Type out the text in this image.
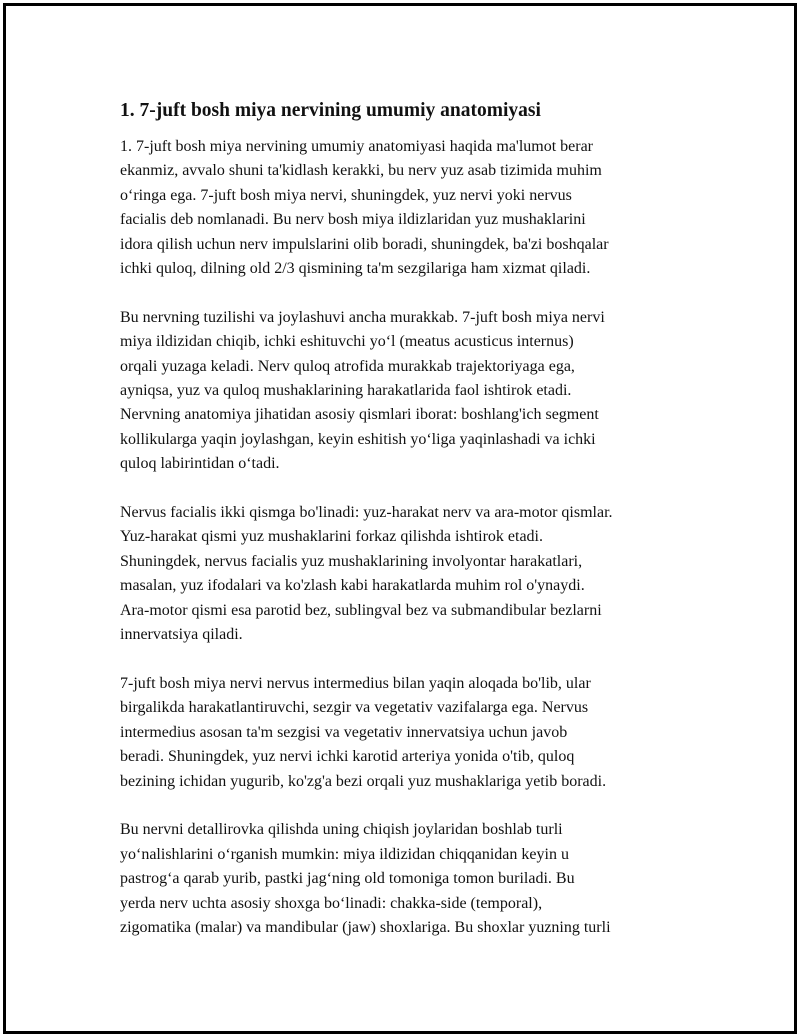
1. 7-juft bosh miya nervining umumiy anatomiyasi
1. 7-juft bosh miya nervining umumiy anatomiyasi haqida ma'lumot berar
ekanmiz, avvalo shuni ta'kidlash kerakki, bu nerv yuz asab tizimida muhim
o‘ringa ega. 7-juft bosh miya nervi, shuningdek, yuz nervi yoki nervus
facialis deb nomlanadi. Bu nerv bosh miya ildizlaridan yuz mushaklarini
idora qilish uchun nerv impulslarini olib boradi, shuningdek, ba'zi boshqalar
ichki quloq, dilning old 2/3 qismining ta'm sezgilariga ham xizmat qiladi.
Bu nervning tuzilishi va joylashuvi ancha murakkab. 7-juft bosh miya nervi
miya ildizidan chiqib, ichki eshituvchi yo‘l (meatus acusticus internus)
orqali yuzaga keladi. Nerv quloq atrofida murakkab trajektoriyaga ega,
ayniqsa, yuz va quloq mushaklarining harakatlarida faol ishtirok etadi.
Nervning anatomiya jihatidan asosiy qismlari iborat: boshlang'ich segment
kollikularga yaqin joylashgan, keyin eshitish yo‘liga yaqinlashadi va ichki
quloq labirintidan o‘tadi.
Nervus facialis ikki qismga bo'linadi: yuz-harakat nerv va ara-motor qismlar.
Yuz-harakat qismi yuz mushaklarini forkaz qilishda ishtirok etadi.
Shuningdek, nervus facialis yuz mushaklarining involyontar harakatlari,
masalan, yuz ifodalari va ko'zlash kabi harakatlarda muhim rol o'ynaydi.
Ara-motor qismi esa parotid bez, sublingval bez va submandibular bezlarni
innervatsiya qiladi.
7-juft bosh miya nervi nervus intermedius bilan yaqin aloqada bo'lib, ular
birgalikda harakatlantiruvchi, sezgir va vegetativ vazifalarga ega. Nervus
intermedius asosan ta'm sezgisi va vegetativ innervatsiya uchun javob
beradi. Shuningdek, yuz nervi ichki karotid arteriya yonida o'tib, quloq
bezining ichidan yugurib, ko'zg'a bezi orqali yuz mushaklariga yetib boradi.
Bu nervni detallirovka qilishda uning chiqish joylaridan boshlab turli
yo‘nalishlarini o‘rganish mumkin: miya ildizidan chiqqanidan keyin u
pastrog‘a qarab yurib, pastki jag‘ning old tomoniga tomon buriladi. Bu
yerda nerv uchta asosiy shoxga bo‘linadi: chakka-side (temporal),
zigomatika (malar) va mandibular (jaw) shoxlariga. Bu shoxlar yuzning turli
